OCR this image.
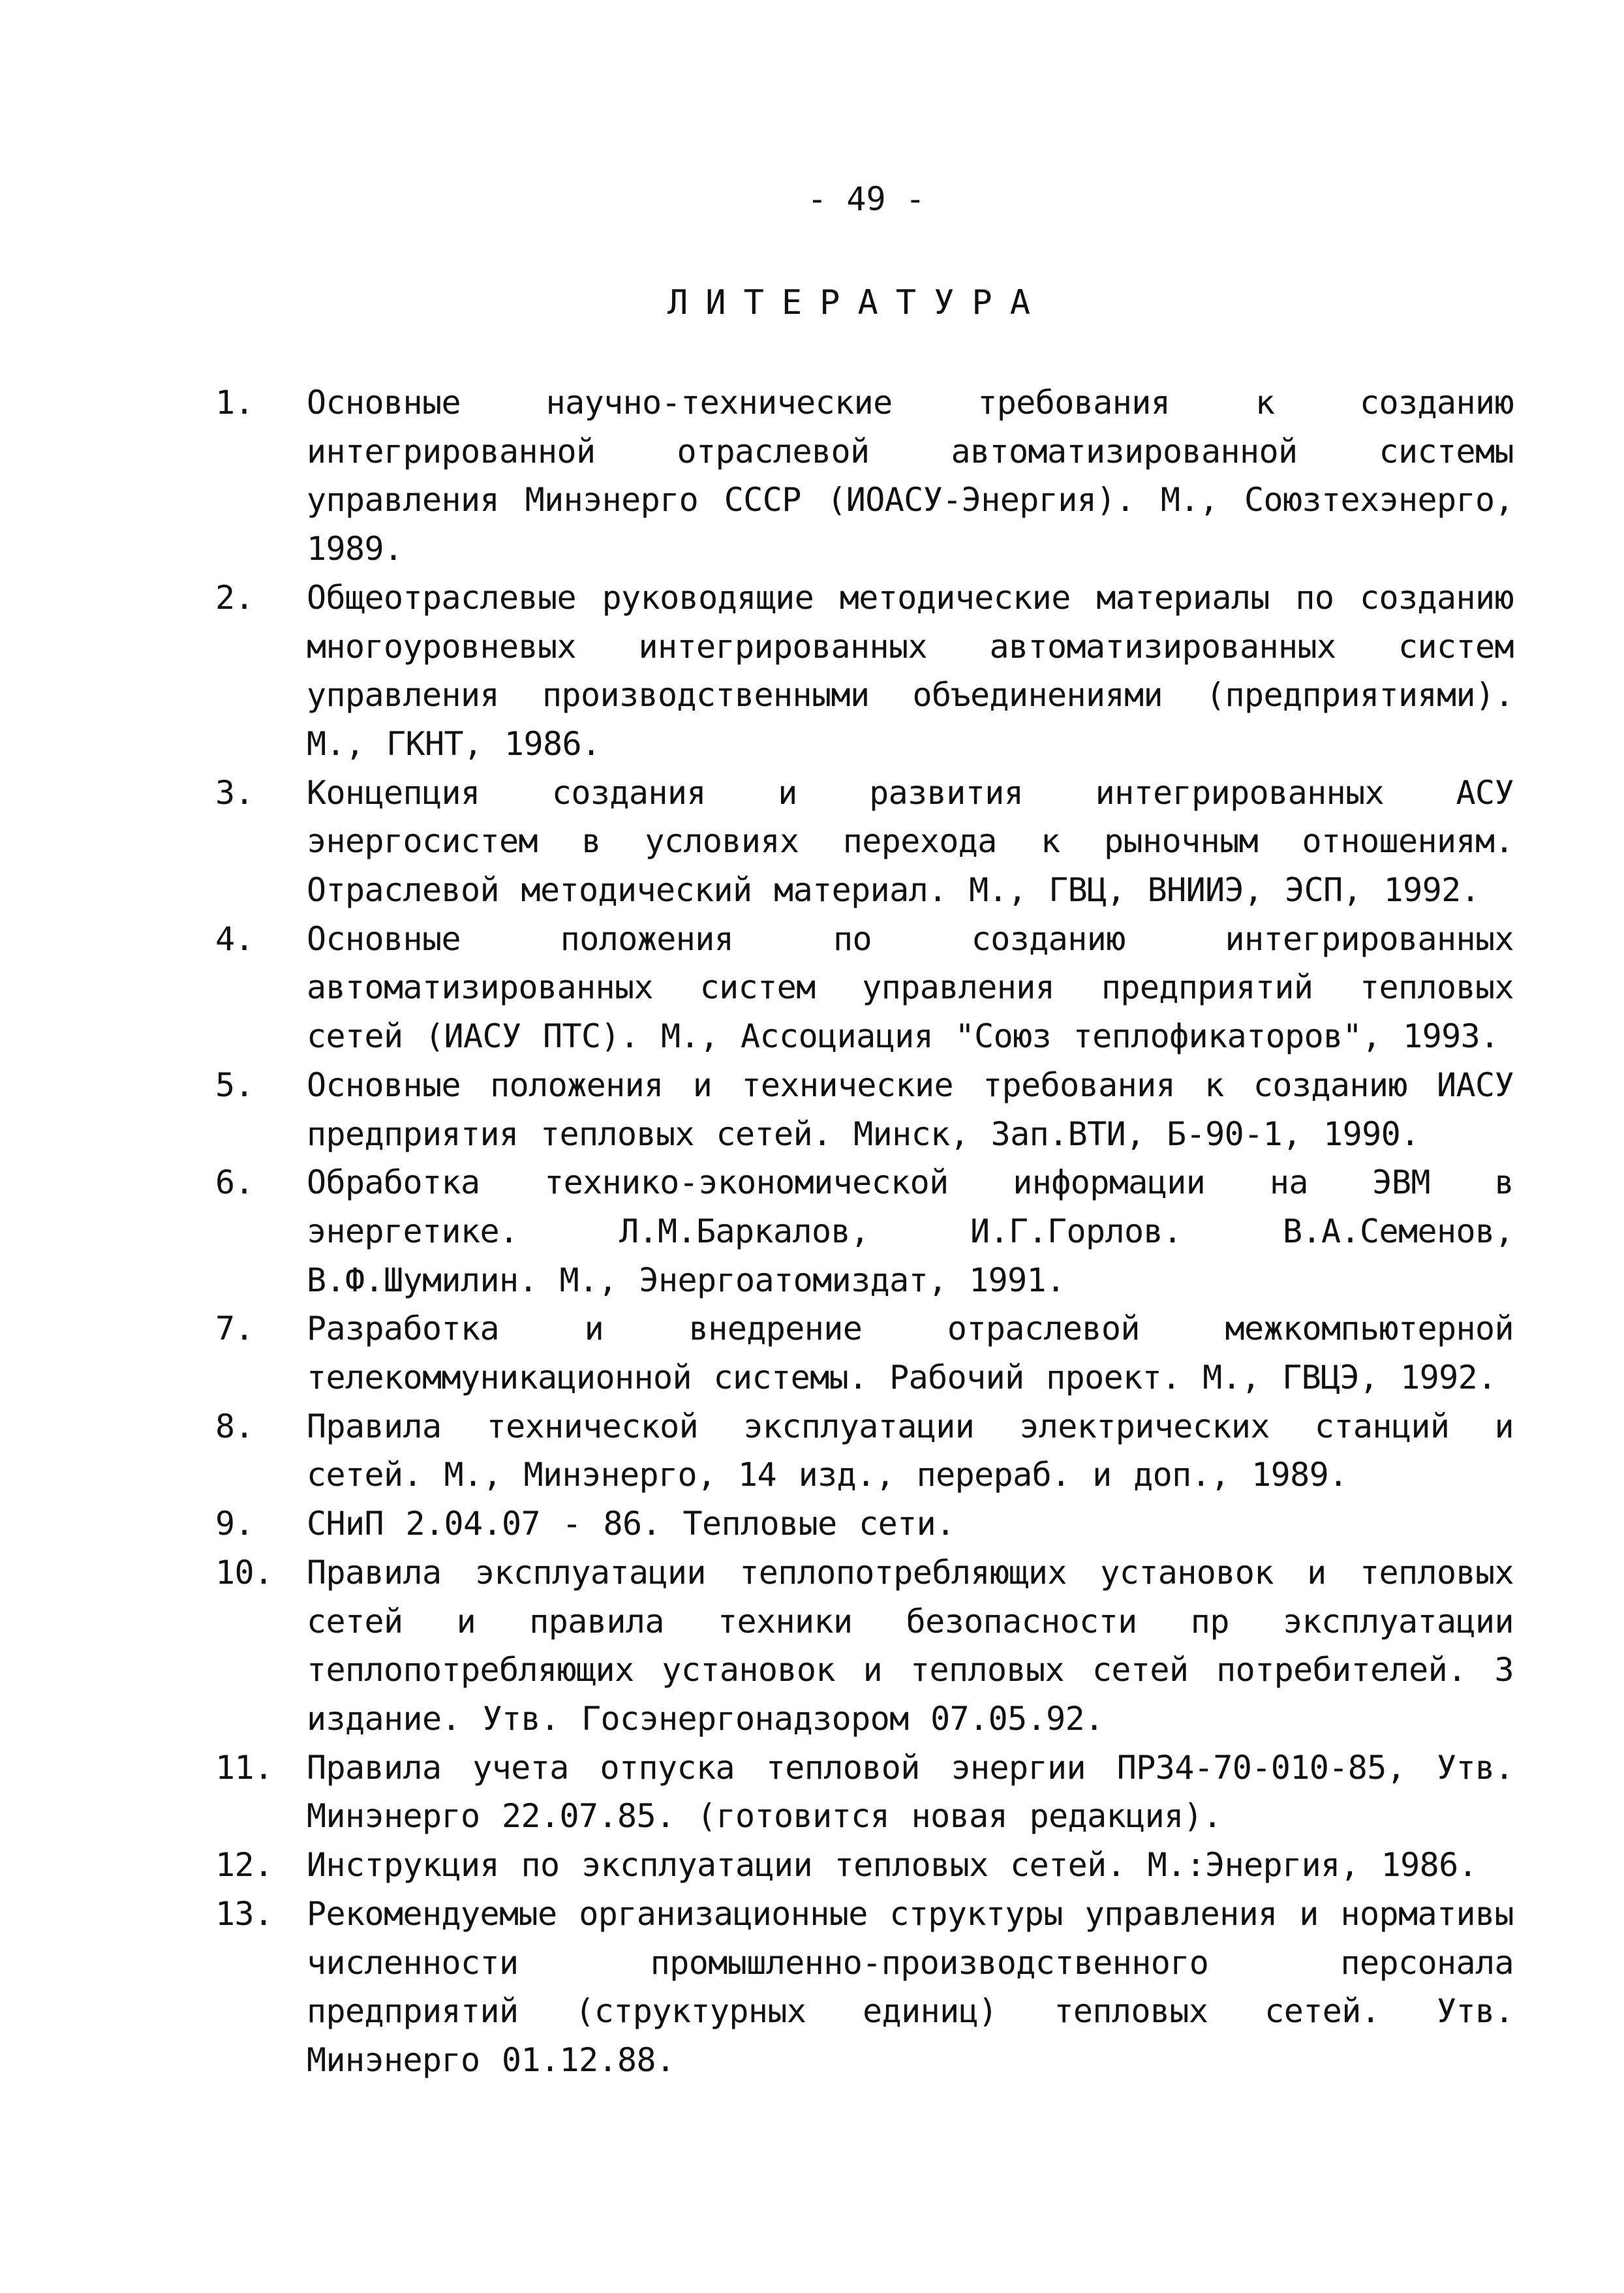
- 49 -
ЛИТЕРАТУРА
1.	Основные научно-технические требования к созданию интегрированной отраслевой автоматизированной системы управления Минэнерго СССР (ИОАСУ-Энергия). М., Союзтехэнерго, 1989.
2.	Общеотраслевые руководящие методические материалы по созданию многоуровневых интегрированных автоматизированных систем управления производственными объединениями (предприятиями). М., ГКНТ, 1986.
3.	Концепция создания и развития интегрированных АСУ энергосистем в условиях перехода к рыночным отношениям. Отраслевой методический материал. М., ГВЦ, ВНИИЭ, ЭСП, 1992.
4.	Основные положения по созданию интегрированных автоматизированных систем управления предприятий тепловых сетей (ИАСУ ПТС). М., Ассоциация "Союз теплофикаторов", 1993.
5.	Основные положения и технические требования к созданию ИАСУ предприятия тепловых сетей. Минск, Зап.ВТИ, Б-90-1, 1990.
6.	Обработка технико-экономической информации на ЭВМ в энергетике. Л.М.Баркалов, И.Г.Горлов. В.А.Семенов, В.Ф.Шумилин. М., Энергоатомиздат, 1991.
7.	Разработка и внедрение отраслевой межкомпьютерной телекоммуникационной системы. Рабочий проект. М., ГВЦЭ, 1992.
8.	Правила технической эксплуатации электрических станций и сетей. М., Минэнерго, 14 изд., перераб. и доп., 1989.
9.	СНиП 2.04.07 - 86. Тепловые сети.
10. Правила эксплуатации теплопотребляющих установок и тепловых сетей и правила техники безопасности пр эксплуатации теплопотребляющих установок и тепловых сетей потребителей. 3 издание. Утв. Госэнергонадзором 07.05.92.
11. Правила учета отпуска тепловой энергии ПР34-70-010-85, Утв. Минэнерго 22.07.85. (готовится новая редакция).
12. Инструкция по эксплуатации тепловых сетей. М.:Энергия, 1986.
13. Рекомендуемые организационные структуры управления и нормативы численности промышленно-производственного персонала предприятий (структурных единиц) тепловых сетей. Утв. Минэнерго 01.12.88.
